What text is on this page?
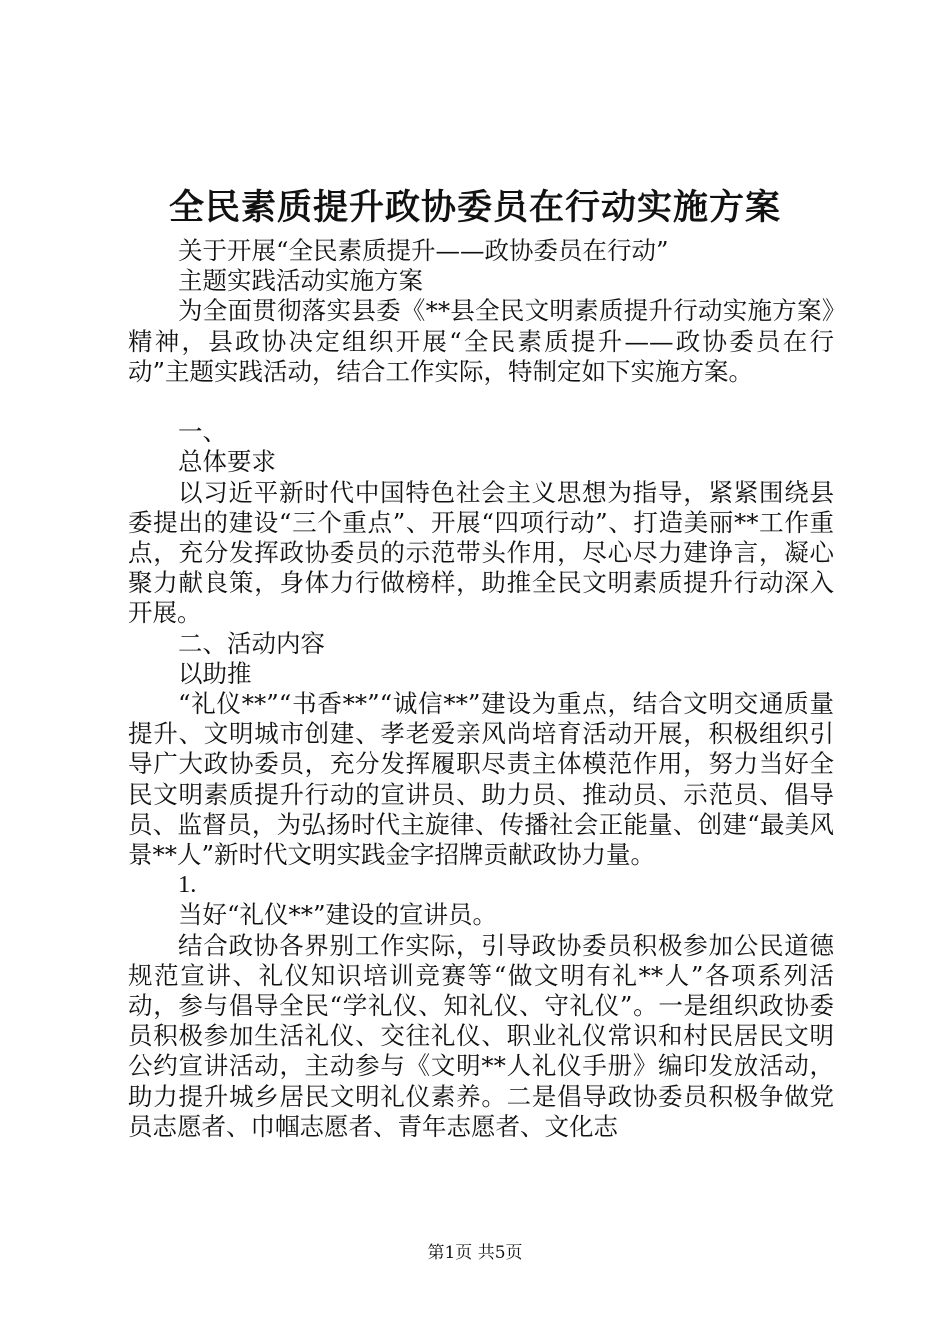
全民素质提升政协委员在行动实施方案

关于开展“全民素质提升——政协委员在行动”

主题实践活动实施方案

为全面贯彻落实县委《**县全民文明素质提升行动实施方案》精神，县政协决定组织开展“全民素质提升——政协委员在行动”主题实践活动，结合工作实际，特制定如下实施方案。

一、

总体要求

以习近平新时代中国特色社会主义思想为指导，紧紧围绕县委提出的建设“三个重点”、开展“四项行动”、打造美丽**工作重点，充分发挥政协委员的示范带头作用，尽心尽力建诤言，凝心聚力献良策，身体力行做榜样，助推全民文明素质提升行动深入开展。

二、活动内容

以助推

“礼仪**”“书香**”“诚信**”建设为重点，结合文明交通质量提升、文明城市创建、孝老爱亲风尚培育活动开展，积极组织引导广大政协委员，充分发挥履职尽责主体模范作用，努力当好全民文明素质提升行动的宣讲员、助力员、推动员、示范员、倡导员、监督员，为弘扬时代主旋律、传播社会正能量、创建“最美风景**人”新时代文明实践金字招牌贡献政协力量。

1.

当好“礼仪**”建设的宣讲员。

结合政协各界别工作实际，引导政协委员积极参加公民道德规范宣讲、礼仪知识培训竞赛等“做文明有礼**人”各项系列活动，参与倡导全民“学礼仪、知礼仪、守礼仪”。一是组织政协委员积极参加生活礼仪、交往礼仪、职业礼仪常识和村民居民文明公约宣讲活动，主动参与《文明**人礼仪手册》编印发放活动，助力提升城乡居民文明礼仪素养。二是倡导政协委员积极争做党员志愿者、巾帼志愿者、青年志愿者、文化志

第1页 共5页
